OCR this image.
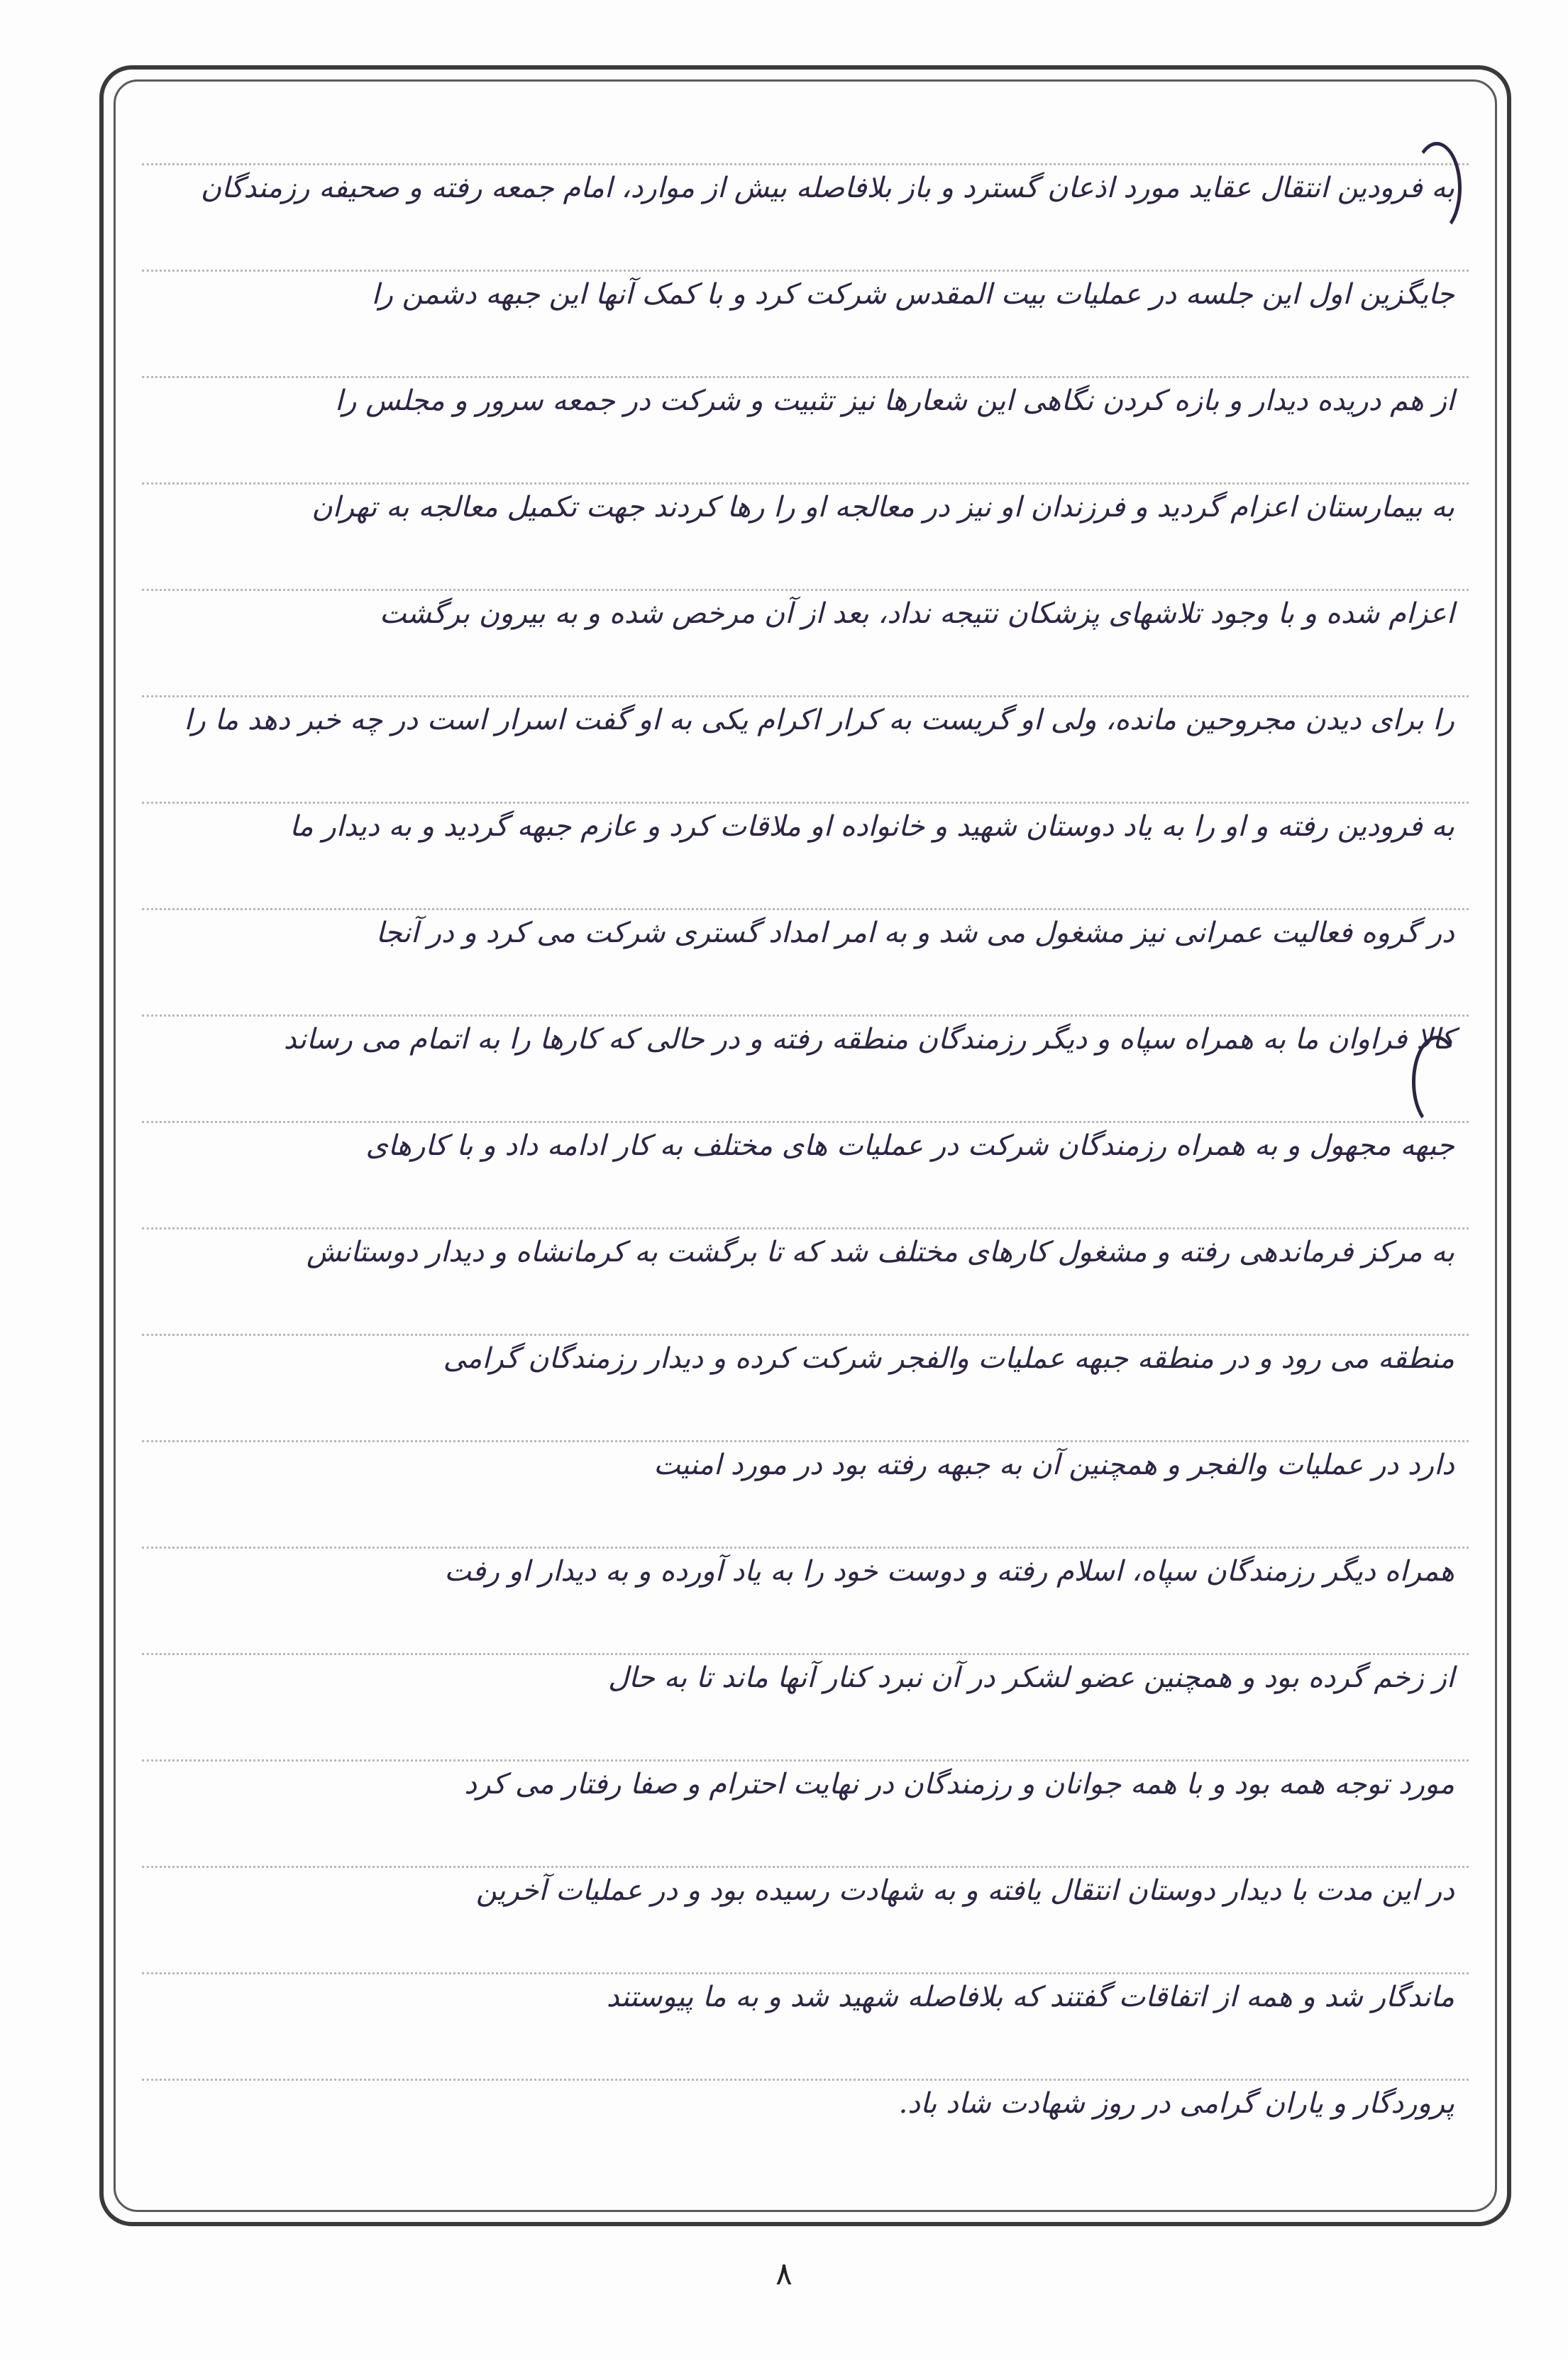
به فرودین انتقال عقاید مورد اذعان گسترد و باز بلافاصله بیش از موارد، امام جمعه رفته و صحیفه رزمندگان
جایگزین اول این جلسه در عملیات بیت المقدس شرکت کرد و با کمک آنها این جبهه دشمن را
از هم دریده دیدار و بازه کردن نگاهی این شعارها نیز تثبیت و شرکت در جمعه سرور و مجلس را
به بیمارستان اعزام گردید و فرزندان او نیز در معالجه او را رها کردند جهت تکمیل معالجه به تهران
اعزام شده و با وجود تلاشهای پزشکان نتیجه نداد، بعد از آن مرخص شده و به بیرون برگشت
را برای دیدن مجروحین مانده، ولی او گریست به کرار اکرام یکی به او گفت اسرار است در چه خبر دهد ما را
به فرودین رفته و او را به یاد دوستان شهید و خانواده او ملاقات کرد و عازم جبهه گردید و به دیدار ما
در گروه فعالیت عمرانی نیز مشغول می شد و به امر امداد گستری شرکت می کرد و در آنجا
کالا فراوان ما به همراه سپاه و دیگر رزمندگان منطقه رفته و در حالی که کارها را به اتمام می رساند
جبهه مجهول و به همراه رزمندگان شرکت در عملیات های مختلف به کار ادامه داد و با کارهای
به مرکز فرماندهی رفته و مشغول کارهای مختلف شد که تا برگشت به کرمانشاه و دیدار دوستانش
منطقه می رود و در منطقه جبهه عملیات والفجر شرکت کرده و دیدار رزمندگان گرامی
دارد در عملیات والفجر و همچنین آن به جبهه رفته بود در مورد امنیت
همراه دیگر رزمندگان سپاه، اسلام رفته و دوست خود را به یاد آورده و به دیدار او رفت
از زخم گرده بود و همچنین عضو لشکر در آن نبرد کنار آنها ماند تا به حال
مورد توجه همه بود و با همه جوانان و رزمندگان در نهایت احترام و صفا رفتار می کرد
در این مدت با دیدار دوستان انتقال یافته و به شهادت رسیده بود و در عملیات آخرین
ماندگار شد و همه از اتفاقات گفتند که بلافاصله شهید شد و به ما پیوستند
پروردگار و یاران گرامی در روز شهادت شاد باد.
۸
